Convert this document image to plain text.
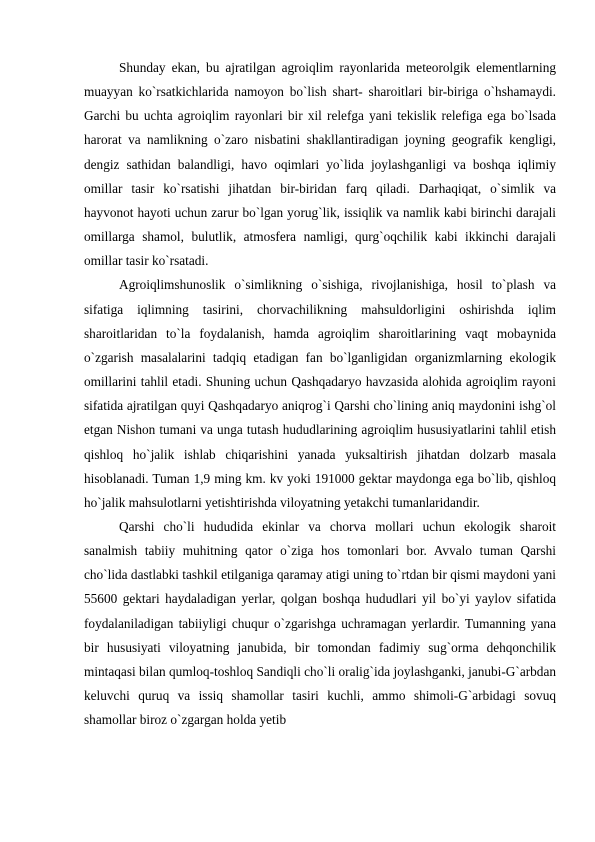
Shunday ekan, bu ajratilgan agroiqlim rayonlarida meteorolgik elementlarning muayyan ko`rsatkichlarida namoyon bo`lish shart- sharoitlari bir-biriga o`hshamaydi. Garchi bu uchta agroiqlim rayonlari bir xil relefga yani tekislik relefiga ega bo`lsada harorat va namlikning o`zaro nisbatini shakllantiradigan joyning geografik kengligi, dengiz sathidan balandligi, havo oqimlari yo`lida joylashganligi va boshqa iqlimiy omillar tasir ko`rsatishi jihatdan bir-biridan farq qiladi. Darhaqiqat, o`simlik va hayvonot hayoti uchun zarur bo`lgan yorug`lik, issiqlik va namlik kabi birinchi darajali omillarga shamol, bulutlik, atmosfera namligi, qurg`oqchilik kabi ikkinchi darajali omillar tasir ko`rsatadi.

Agroiqlimshunoslik o`simlikning o`sishiga, rivojlanishiga, hosil to`plash va sifatiga iqlimning tasirini, chorvachilikning mahsuldorligini oshirishda iqlim sharoitlaridan to`la foydalanish, hamda agroiqlim sharoitlarining vaqt mobaynida o`zgarish masalalarini tadqiq etadigan fan bo`lganligidan organizmlarning ekologik omillarini tahlil etadi. Shuning uchun Qashqadaryo havzasida alohida agroiqlim rayoni sifatida ajratilgan quyi Qashqadaryo aniqrog`i Qarshi cho`lining aniq maydonini ishg`ol etgan Nishon tumani va unga tutash hududlarining agroiqlim hususiyatlarini tahlil etish qishloq ho`jalik ishlab chiqarishini yanada yuksaltirish jihatdan dolzarb masala hisoblanadi. Tuman 1,9 ming km. kv yoki 191000 gektar maydonga ega bo`lib, qishloq ho`jalik mahsulotlarni yetishtirishda viloyatning yetakchi tumanlaridandir.

Qarshi cho`li hududida ekinlar va chorva mollari uchun ekologik sharoit sanalmish tabiiy muhitning qator o`ziga hos tomonlari bor. Avvalo tuman Qarshi cho`lida dastlabki tashkil etilganiga qaramay atigi uning to`rtdan bir qismi maydoni yani 55600 gektari haydaladigan yerlar, qolgan boshqa hududlari yil bo`yi yaylov sifatida foydalaniladigan tabiiyligi chuqur o`zgarishga uchramagan yerlardir. Tumanning yana bir hususiyati viloyatning janubida, bir tomondan fadimiy sug`orma dehqonchilik mintaqasi bilan qumloq-toshloq Sandiqli cho`li oralig`ida joylashganki, janubi-G`arbdan keluvchi quruq va issiq shamollar tasiri kuchli, ammo shimoli-G`arbidagi sovuq shamollar biroz o`zgargan holda yetib
